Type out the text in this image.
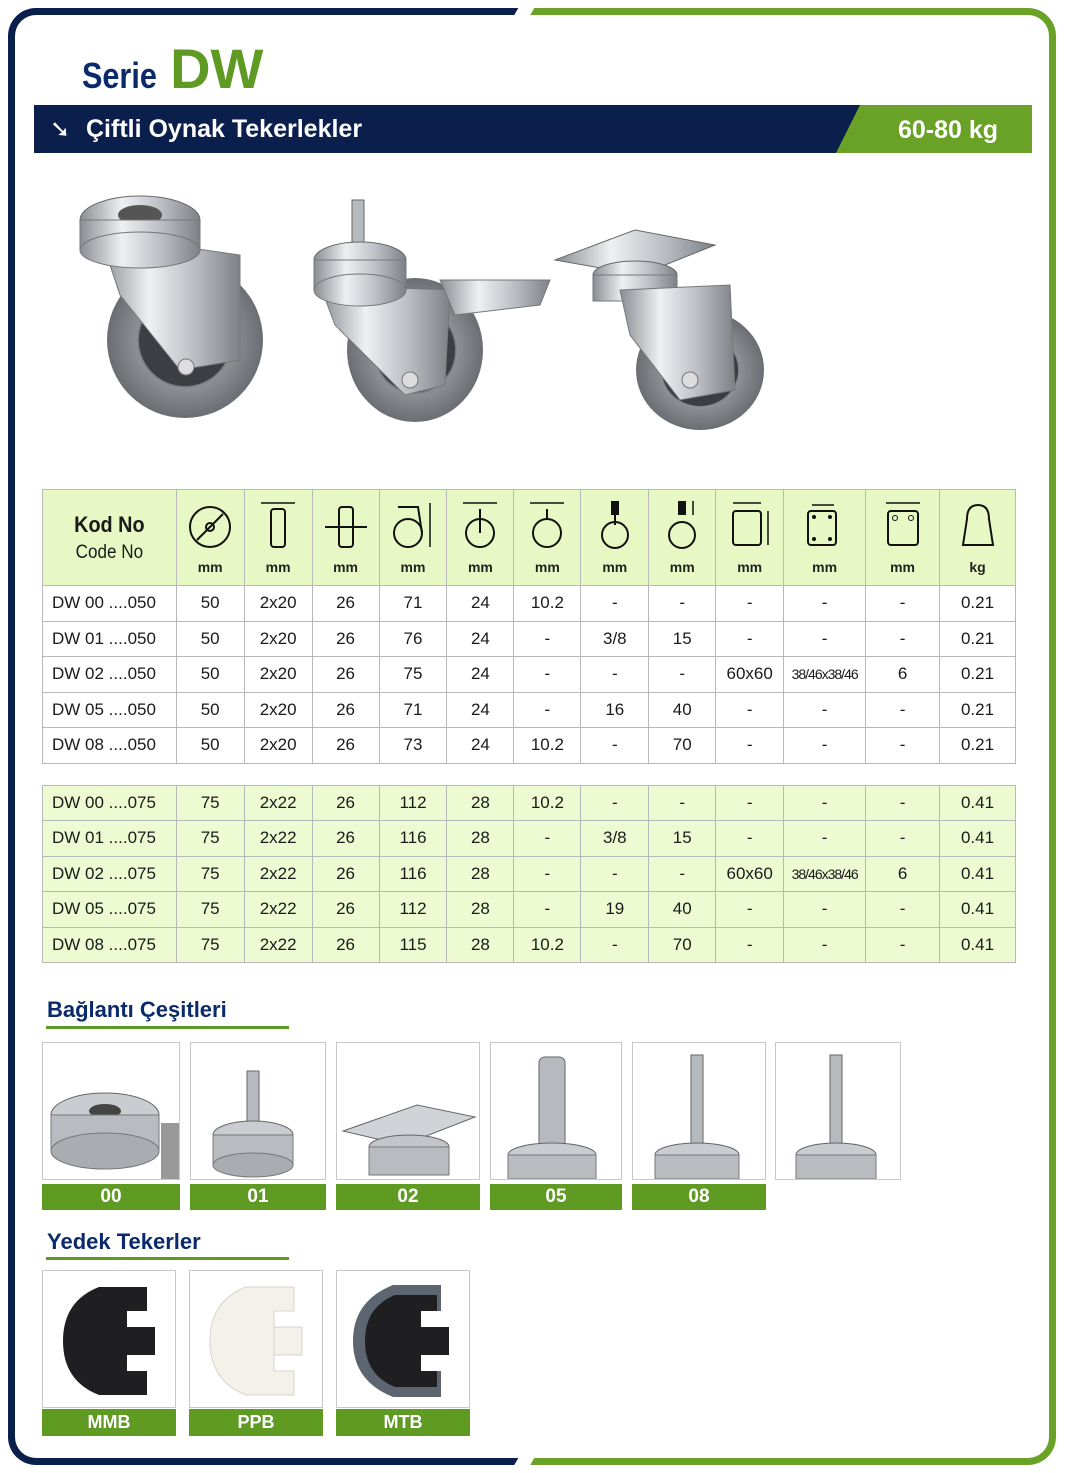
Serie DW
➘ Çiftli Oynak Tekerlekler	60-80 kg
Kod No
Code No	mm	mm	mm	mm	mm	mm	mm	mm	mm	mm	mm	kg
DW 00 ....050	50	2x20	26	71	24	10.2	-	-	-	-	-	0.21
DW 01 ....050	50	2x20	26	76	24	-	3/8	15	-	-	-	0.21
DW 02 ....050	50	2x20	26	75	24	-	-	-	60x60	38/46x38/46	6	0.21
DW 05 ....050	50	2x20	26	71	24	-	16	40	-	-	-	0.21
DW 08 ....050	50	2x20	26	73	24	10.2	-	70	-	-	-	0.21

DW 00 ....075	75	2x22	26	112	28	10.2	-	-	-	-	-	0.41
DW 01 ....075	75	2x22	26	116	28	-	3/8	15	-	-	-	0.41
DW 02 ....075	75	2x22	26	116	28	-	-	-	60x60	38/46x38/46	6	0.41
DW 05 ....075	75	2x22	26	112	28	-	19	40	-	-	-	0.41
DW 08 ....075	75	2x22	26	115	28	10.2	-	70	-	-	-	0.41
Bağlantı Çeşitleri
00	01	02	05	08
Yedek Tekerler
MMB	PPB	MTB
